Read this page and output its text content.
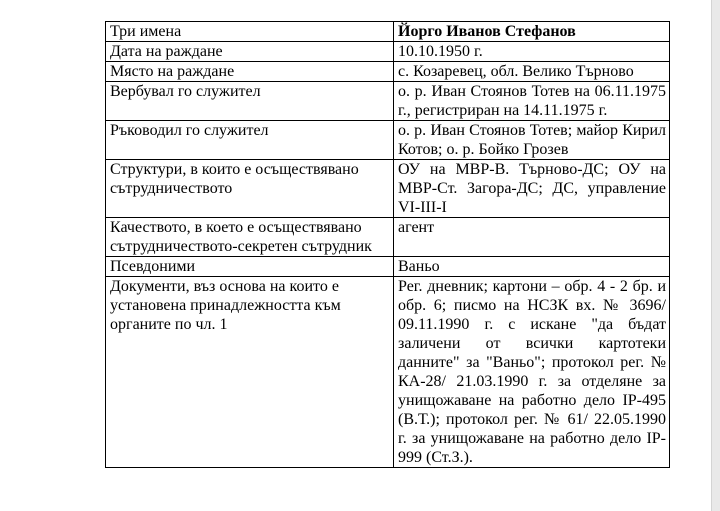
Три имена	Йорго Иванов Стефанов
Дата на раждане	10.10.1950 г.
Място на раждане	с. Козаревец, обл. Велико Търново
Вербувал го служител	о. р. Иван Стоянов Тотев на 06.11.1975 г., регистриран на 14.11.1975 г.
Ръководил го служител	о. р. Иван Стоянов Тотев; майор Кирил Котов; о. р. Бойко Грозев
Структури, в които е осъществявано сътрудничеството	ОУ на МВР-В. Търново-ДС; ОУ на МВР-Ст. Загора-ДС; ДС, управление VI-III-I
Качеството, в което е осъществявано сътрудничеството-секретен сътрудник	агент
Псевдоними	Ваньо
Документи, въз основа на които е установена принадлежността към органите по чл. 1	Рег. дневник; картони – обр. 4 - 2 бр. и обр. 6; писмо на НСЗК вх. № 3696/ 09.11.1990 г. с искане "да бъдат заличени от всички картотеки данните" за "Ваньо"; протокол рег. № КА-28/ 21.03.1990 г. за отделяне за унищожаване на работно дело IP-495 (В.Т.); протокол рег. № 61/ 22.05.1990 г. за унищожаване на работно дело IP-999 (Ст.З.).
